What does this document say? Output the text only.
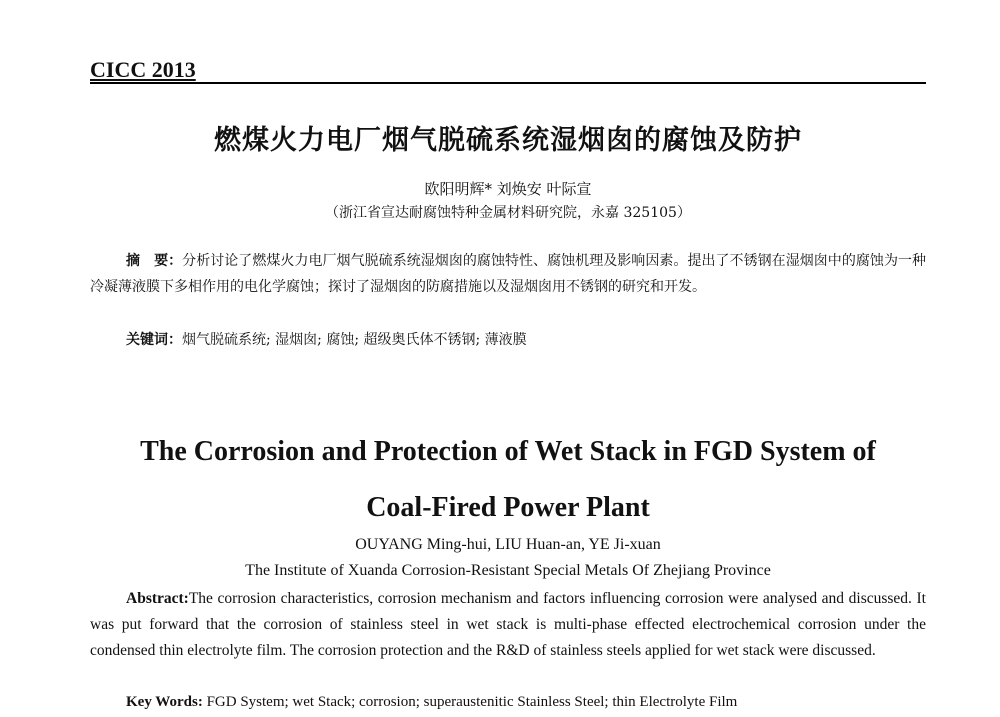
CICC 2013
燃煤火力电厂烟气脱硫系统湿烟囱的腐蚀及防护
欧阳明辉* 刘焕安 叶际宣
（浙江省宣达耐腐蚀特种金属材料研究院，永嘉 325105）
摘　要：分析讨论了燃煤火力电厂烟气脱硫系统湿烟囱的腐蚀特性、腐蚀机理及影响因素。提出了不锈钢在湿烟囱中的腐蚀为一种冷凝薄液膜下多相作用的电化学腐蚀；探讨了湿烟囱的防腐措施以及湿烟囱用不锈钢的研究和开发。
关键词：烟气脱硫系统; 湿烟囱; 腐蚀; 超级奥氏体不锈钢; 薄液膜
The Corrosion and Protection of Wet Stack in FGD System of
Coal-Fired Power Plant
OUYANG Ming-hui, LIU Huan-an, YE Ji-xuan
The Institute of Xuanda Corrosion-Resistant Special Metals Of Zhejiang Province
Abstract:The corrosion characteristics, corrosion mechanism and factors influencing corrosion were analysed and discussed. It was put forward that the corrosion of stainless steel in wet stack is multi-phase effected electrochemical corrosion under the condensed thin electrolyte film. The corrosion protection and the R&D of stainless steels applied for wet stack were discussed.
Key Words: FGD System; wet Stack; corrosion; superaustenitic Stainless Steel; thin Electrolyte Film
